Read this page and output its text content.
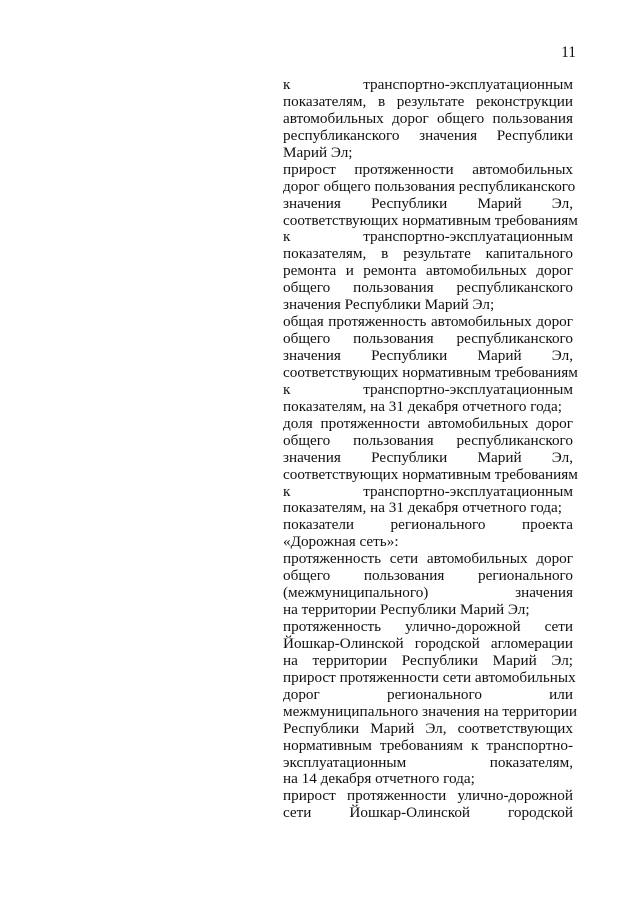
11
к транспортно-эксплуатационным
показателям, в результате реконструкции
автомобильных дорог общего пользования
республиканского значения Республики
Марий Эл;
прирост протяженности автомобильных
дорог общего пользования республиканского
значения Республики Марий Эл,
соответствующих нормативным требованиям
к транспортно-эксплуатационным
показателям, в результате капитального
ремонта и ремонта автомобильных дорог
общего пользования республиканского
значения Республики Марий Эл;
общая протяженность автомобильных дорог
общего пользования республиканского
значения Республики Марий Эл,
соответствующих нормативным требованиям
к транспортно-эксплуатационным
показателям, на 31 декабря отчетного года;
доля протяженности автомобильных дорог
общего пользования республиканского
значения Республики Марий Эл,
соответствующих нормативным требованиям
к транспортно-эксплуатационным
показателям, на 31 декабря отчетного года;
показатели регионального проекта
«Дорожная сеть»:
протяженность сети автомобильных дорог
общего пользования регионального
(межмуниципального) значения
на территории Республики Марий Эл;
протяженность улично-дорожной сети
Йошкар-Олинской городской агломерации
на территории Республики Марий Эл;
прирост протяженности сети автомобильных
дорог регионального или
межмуниципального значения на территории
Республики Марий Эл, соответствующих
нормативным требованиям к транспортно-
эксплуатационным показателям,
на 14 декабря отчетного года;
прирост протяженности улично-дорожной
сети Йошкар-Олинской городской
